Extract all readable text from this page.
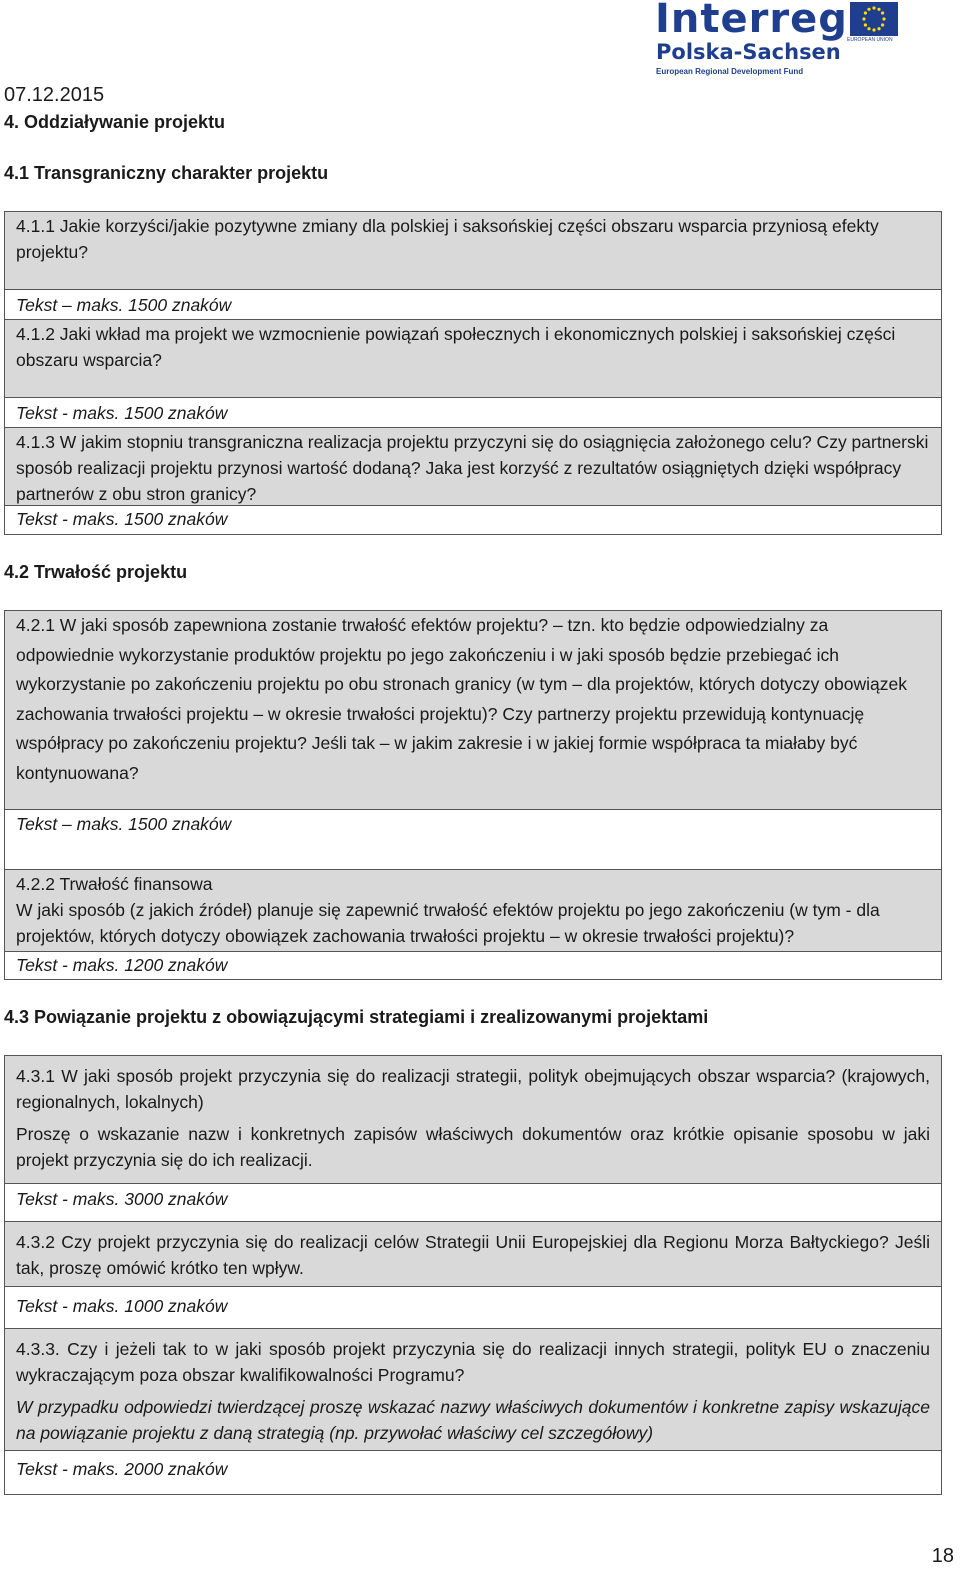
Interreg
Polska-Sachsen
European Regional Development Fund
EUROPEAN UNION
07.12.2015
4. Oddziaływanie projektu
4.1 Transgraniczny charakter projektu

4.1.1 Jakie korzyści/jakie pozytywne zmiany dla polskiej i saksońskiej części obszaru wsparcia przyniosą efekty projektu?

Tekst – maks. 1500 znaków

4.1.2 Jaki wkład ma projekt we wzmocnienie powiązań społecznych i ekonomicznych polskiej i saksońskiej części obszaru wsparcia?

Tekst - maks. 1500 znaków

4.1.3 W jakim stopniu transgraniczna realizacja projektu przyczyni się do osiągnięcia założonego celu? Czy partnerski sposób realizacji projektu przynosi wartość dodaną? Jaka jest korzyść z rezultatów osiągniętych dzięki współpracy partnerów z obu stron granicy?

Tekst - maks. 1500 znaków

4.2 Trwałość projektu

4.2.1 W jaki sposób zapewniona zostanie trwałość efektów projektu? – tzn. kto będzie odpowiedzialny za odpowiednie wykorzystanie produktów projektu po jego zakończeniu i w jaki sposób będzie przebiegać ich wykorzystanie po zakończeniu projektu po obu stronach granicy (w tym – dla projektów, których dotyczy obowiązek zachowania trwałości projektu – w okresie trwałości projektu)? Czy partnerzy projektu przewidują kontynuację współpracy po zakończeniu projektu? Jeśli tak – w jakim zakresie i w jakiej formie współpraca ta miałaby być kontynuowana?

Tekst – maks. 1500 znaków

4.2.2 Trwałość finansowa

W jaki sposób (z jakich źródeł) planuje się zapewnić trwałość efektów projektu po jego zakończeniu (w tym - dla projektów, których dotyczy obowiązek zachowania trwałości projektu – w okresie trwałości projektu)?

Tekst - maks. 1200 znaków

4.3 Powiązanie projektu z obowiązującymi strategiami i zrealizowanymi projektami

4.3.1 W jaki sposób projekt przyczynia się do realizacji strategii, polityk obejmujących obszar wsparcia? (krajowych, regionalnych, lokalnych)

Proszę o wskazanie nazw i konkretnych zapisów właściwych dokumentów oraz krótkie opisanie sposobu w jaki projekt przyczynia się do ich realizacji.

Tekst - maks. 3000 znaków

4.3.2 Czy projekt przyczynia się do realizacji celów Strategii Unii Europejskiej dla Regionu Morza Bałtyckiego? Jeśli tak, proszę omówić krótko ten wpływ.

Tekst - maks. 1000 znaków

4.3.3. Czy i jeżeli tak to w jaki sposób projekt przyczynia się do realizacji innych strategii, polityk EU o znaczeniu wykraczającym poza obszar kwalifikowalności Programu?

W przypadku odpowiedzi twierdzącej proszę wskazać nazwy właściwych dokumentów i konkretne zapisy wskazujące na powiązanie projektu z daną strategią (np. przywołać właściwy cel szczegółowy)

Tekst - maks. 2000 znaków

18
